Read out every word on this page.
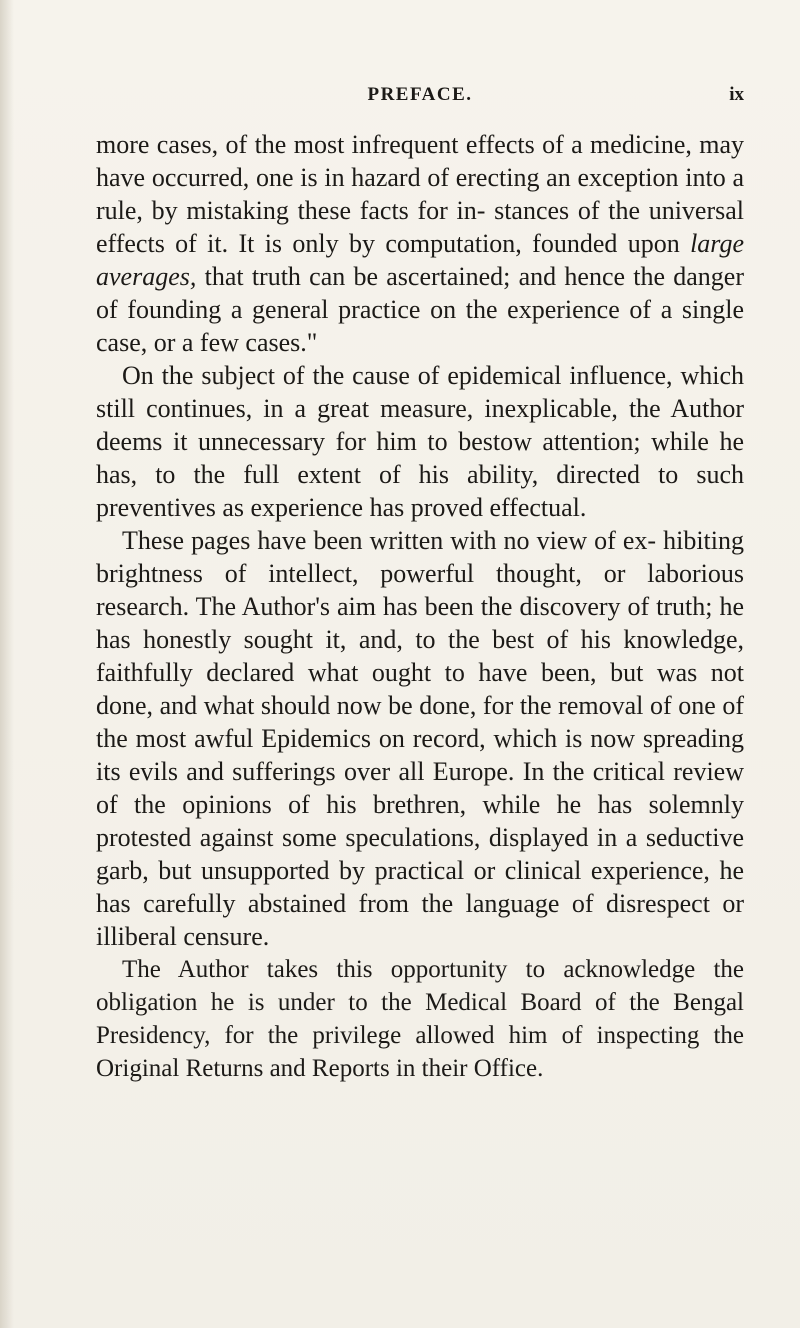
PREFACE.	ix

more cases, of the most infrequent effects of a medicine, may have occurred, one is in hazard of erecting an exception into a rule, by mistaking these facts for in- stances of the universal effects of it. It is only by computation, founded upon large averages, that truth can be ascertained; and hence the danger of founding a general practice on the experience of a single case, or a few cases."

On the subject of the cause of epidemical influence, which still continues, in a great measure, inexplicable, the Author deems it unnecessary for him to bestow attention; while he has, to the full extent of his ability, directed to such preventives as experience has proved effectual.

These pages have been written with no view of ex- hibiting brightness of intellect, powerful thought, or laborious research. The Author's aim has been the discovery of truth; he has honestly sought it, and, to the best of his knowledge, faithfully declared what ought to have been, but was not done, and what should now be done, for the removal of one of the most awful Epidemics on record, which is now spreading its evils and sufferings over all Europe. In the critical review of the opinions of his brethren, while he has solemnly protested against some speculations, displayed in a seductive garb, but unsupported by practical or clinical experience, he has carefully abstained from the language of disrespect or illiberal censure.

The Author takes this opportunity to acknowledge the obligation he is under to the Medical Board of the Bengal Presidency, for the privilege allowed him of inspecting the Original Returns and Reports in their Office.
